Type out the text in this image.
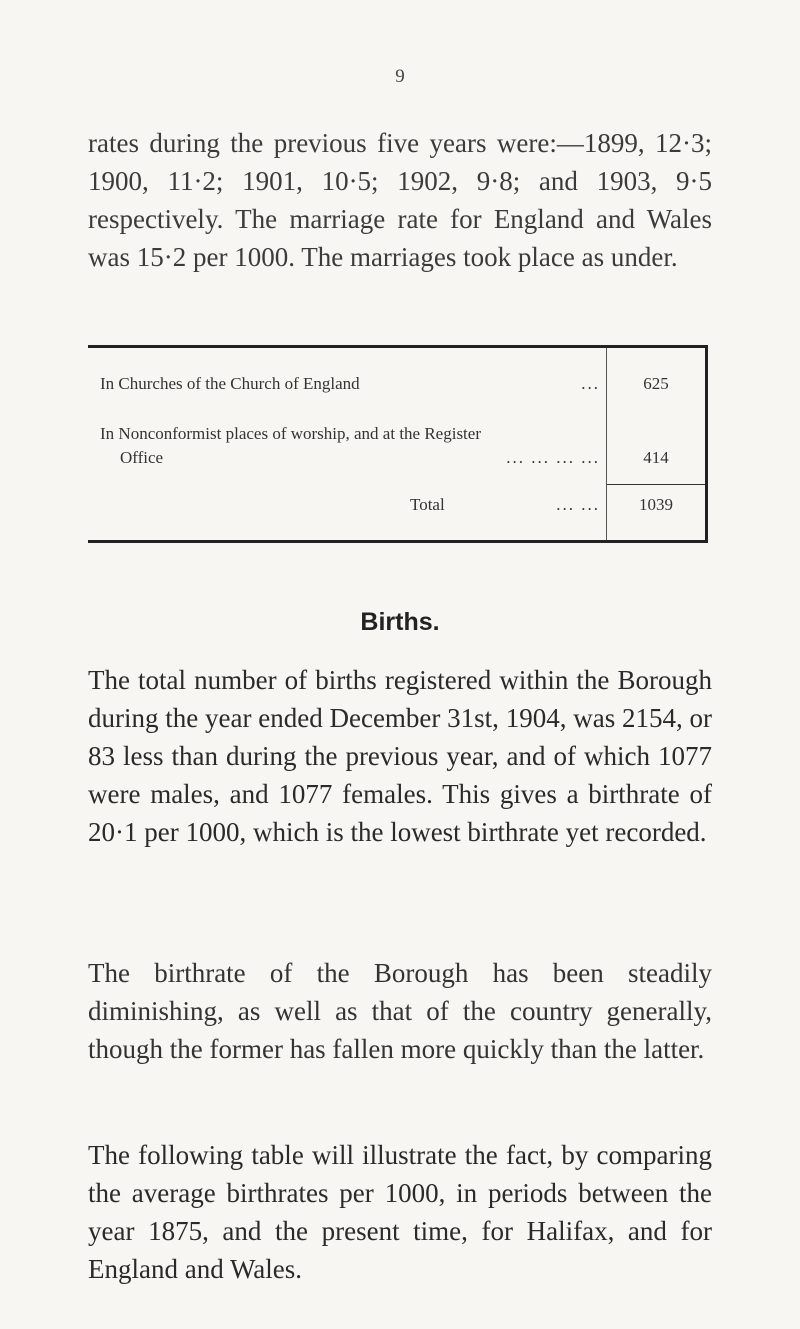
9

rates during the previous five years were:—1899, 12·3; 1900, 11·2; 1901, 10·5; 1902, 9·8; and 1903, 9·5 respectively. The marriage rate for England and Wales was 15·2 per 1000. The marriages took place as under.

In Churches of the Church of England	...	625
In Nonconformist places of worship, and at the Register
Office	... ... ... ...	414
Total	... ...	1039
Births.

The total number of births registered within the Borough during the year ended December 31st, 1904, was 2154, or 83 less than during the previous year, and of which 1077 were males, and 1077 females. This gives a birthrate of 20·1 per 1000, which is the lowest birthrate yet recorded.

The birthrate of the Borough has been steadily diminishing, as well as that of the country generally, though the former has fallen more quickly than the latter.

The following table will illustrate the fact, by comparing the average birthrates per 1000, in periods between the year 1875, and the present time, for Halifax, and for England and Wales.
